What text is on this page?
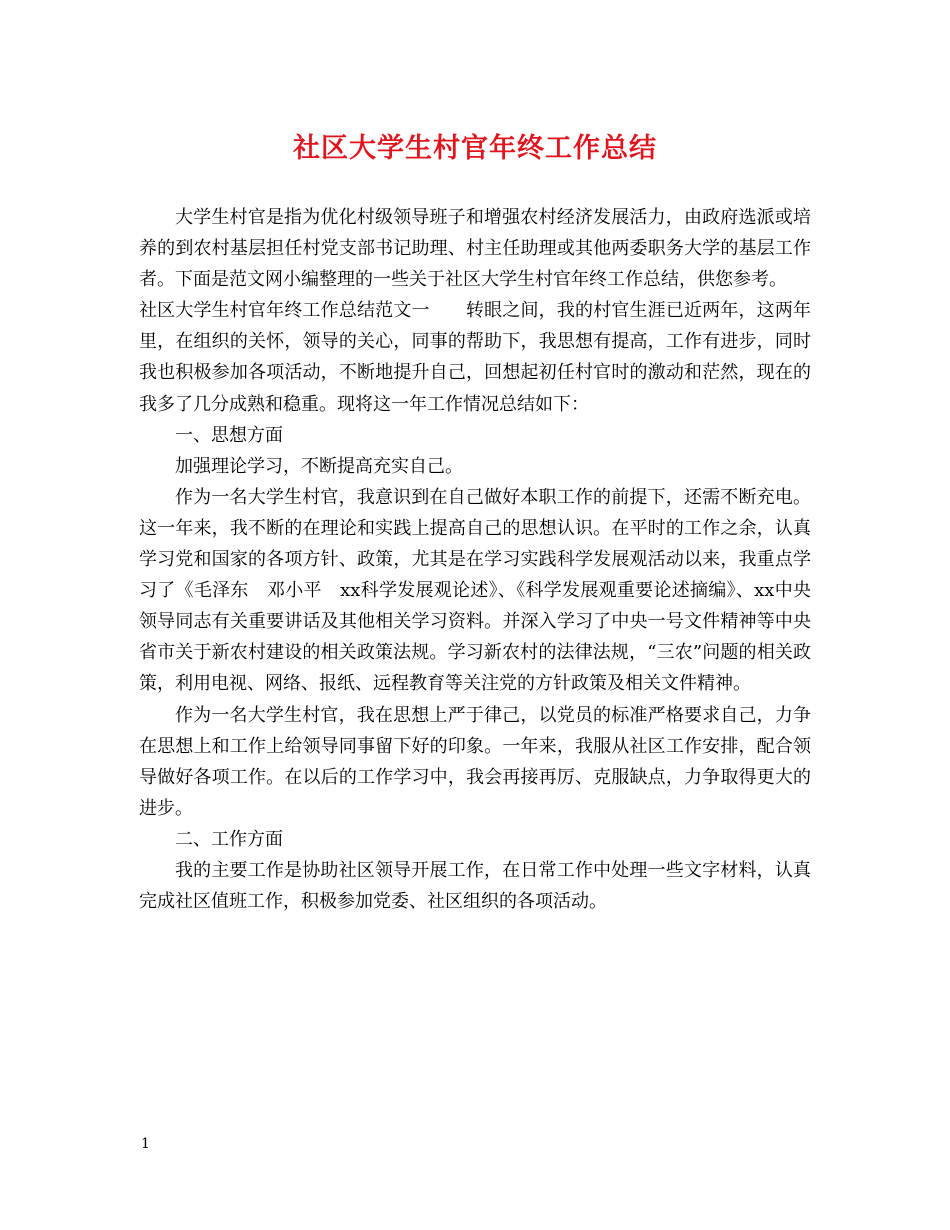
社区大学生村官年终工作总结

大学生村官是指为优化村级领导班子和增强农村经济发展活力，由政府选派或培养的到农村基层担任村党支部书记助理、村主任助理或其他两委职务大学的基层工作者。下面是范文网小编整理的一些关于社区大学生村官年终工作总结，供您参考。

社区大学生村官年终工作总结范文一　　转眼之间，我的村官生涯已近两年，这两年里，在组织的关怀，领导的关心，同事的帮助下，我思想有提高，工作有进步，同时我也积极参加各项活动，不断地提升自己，回想起初任村官时的激动和茫然，现在的我多了几分成熟和稳重。现将这一年工作情况总结如下：

一、思想方面

加强理论学习，不断提高充实自己。

作为一名大学生村官，我意识到在自己做好本职工作的前提下，还需不断充电。这一年来，我不断的在理论和实践上提高自己的思想认识。在平时的工作之余，认真学习党和国家的各项方针、政策，尤其是在学习实践科学发展观活动以来，我重点学习了《毛泽东　邓小平　xx科学发展观论述》、《科学发展观重要论述摘编》、xx中央领导同志有关重要讲话及其他相关学习资料。并深入学习了中央一号文件精神等中央省市关于新农村建设的相关政策法规。学习新农村的法律法规，“三农”问题的相关政策，利用电视、网络、报纸、远程教育等关注党的方针政策及相关文件精神。

作为一名大学生村官，我在思想上严于律己，以党员的标准严格要求自己，力争在思想上和工作上给领导同事留下好的印象。一年来，我服从社区工作安排，配合领导做好各项工作。在以后的工作学习中，我会再接再厉、克服缺点，力争取得更大的进步。

二、工作方面

我的主要工作是协助社区领导开展工作，在日常工作中处理一些文字材料，认真完成社区值班工作，积极参加党委、社区组织的各项活动。

1
